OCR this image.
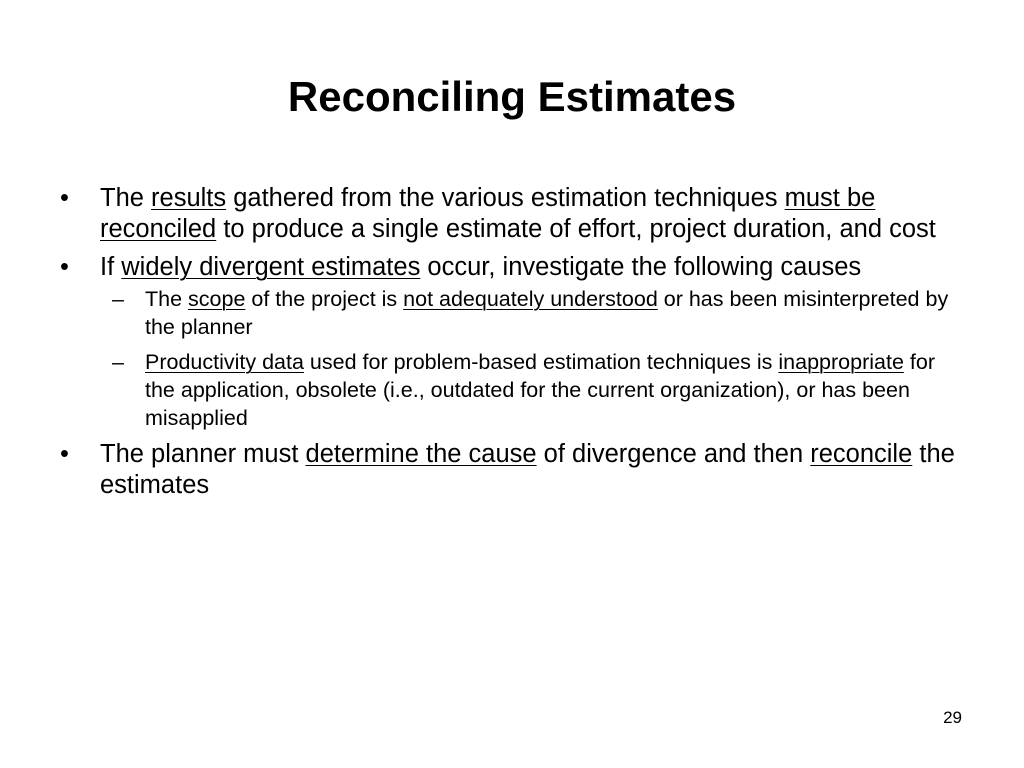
Reconciling Estimates
•	The results gathered from the various estimation techniques must be reconciled to produce a single estimate of effort, project duration, and cost
•	If widely divergent estimates occur, investigate the following causes
– The scope of the project is not adequately understood or has been misinterpreted by the planner
– Productivity data used for problem-based estimation techniques is inappropriate for the application, obsolete (i.e., outdated for the current organization), or has been misapplied
•	The planner must determine the cause of divergence and then reconcile the estimates
29
